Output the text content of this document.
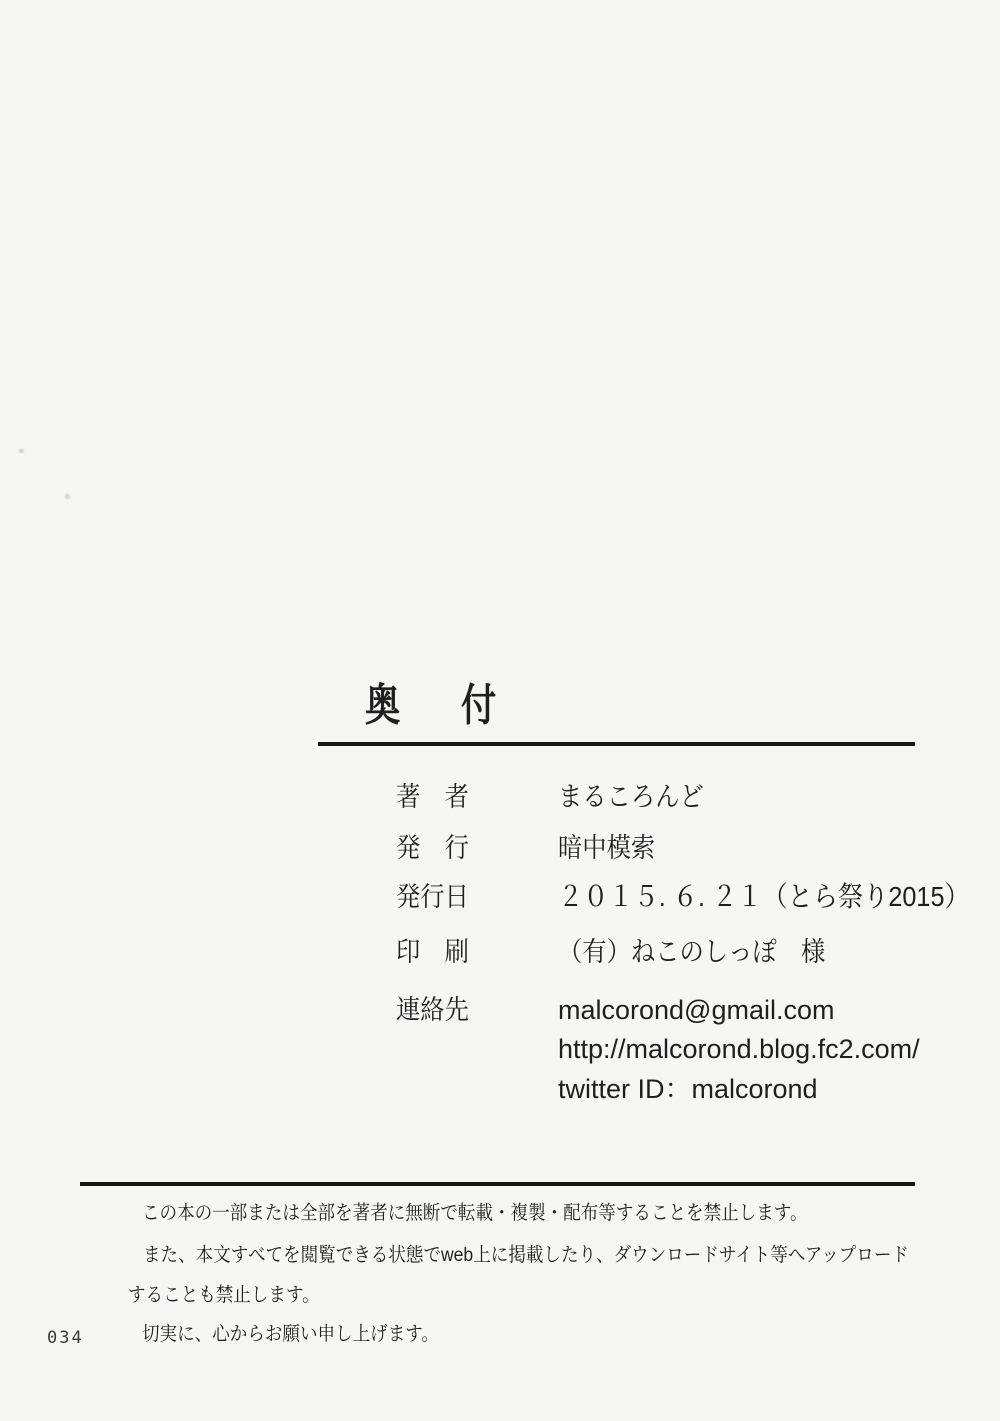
奥　付
著　者	まるころんど
発　行	暗中模索
発行日	２０１５. ６. ２１（とら祭り2015）
印　刷	（有）ねこのしっぽ　様
連絡先	malcorond@gmail.com
http://malcorond.blog.fc2.com/
twitter ID：malcorond
この本の一部または全部を著者に無断で転載・複製・配布等することを禁止します。
また、本文すべてを閲覧できる状態でweb上に掲載したり、ダウンロードサイト等へアップロード
することも禁止します。
切実に、心からお願い申し上げます。
034
